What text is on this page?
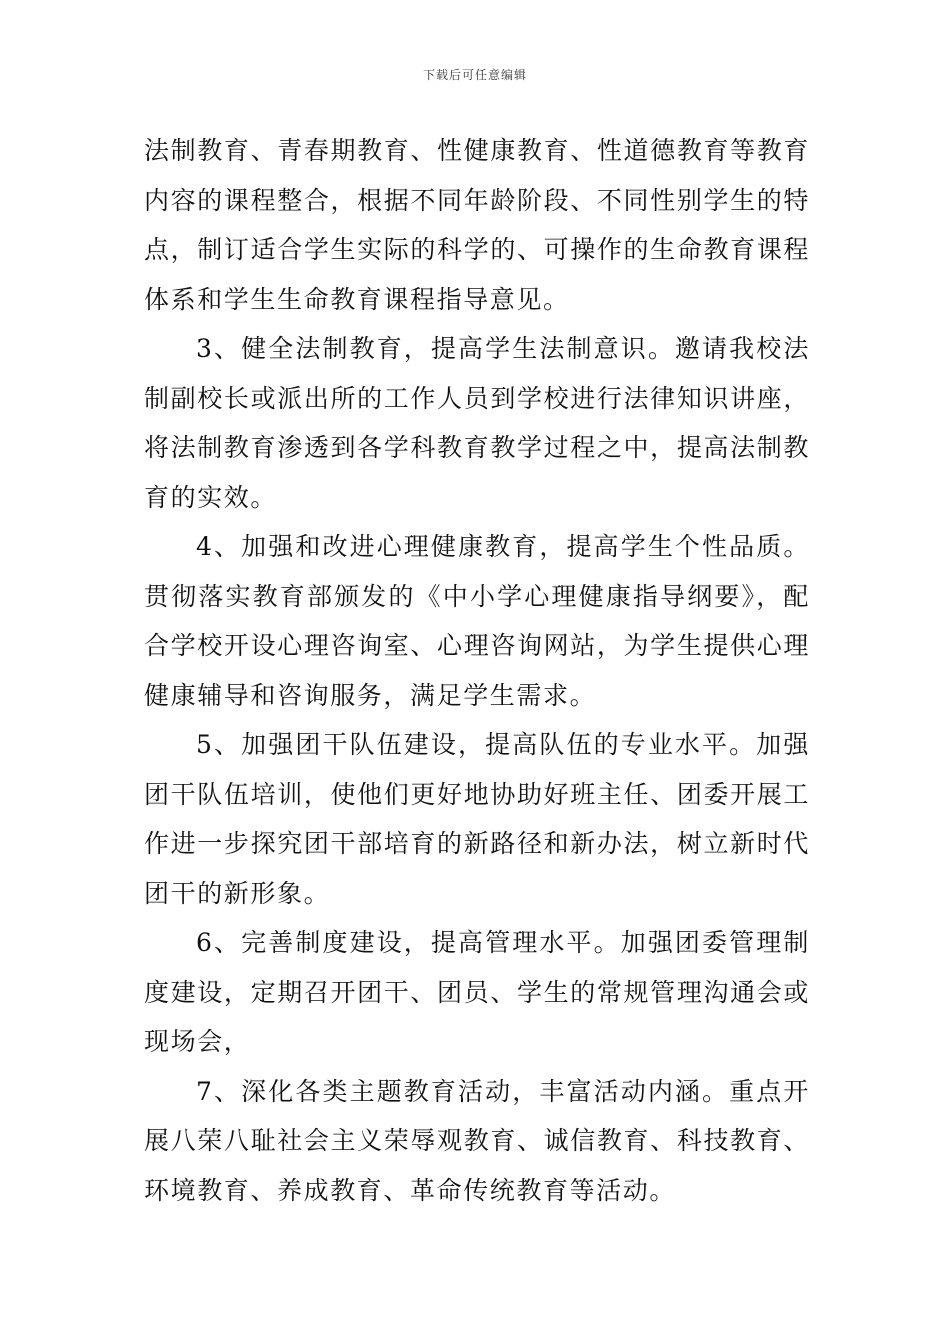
下载后可任意编辑

法制教育、青春期教育、性健康教育、性道德教育等教育内容的课程整合，根据不同年龄阶段、不同性别学生的特点，制订适合学生实际的科学的、可操作的生命教育课程体系和学生生命教育课程指导意见。

3、健全法制教育，提高学生法制意识。邀请我校法制副校长或派出所的工作人员到学校进行法律知识讲座，将法制教育渗透到各学科教育教学过程之中，提高法制教育的实效。

4、加强和改进心理健康教育，提高学生个性品质。贯彻落实教育部颁发的《中小学心理健康指导纲要》，配合学校开设心理咨询室、心理咨询网站，为学生提供心理健康辅导和咨询服务，满足学生需求。

5、加强团干队伍建设，提高队伍的专业水平。加强团干队伍培训，使他们更好地协助好班主任、团委开展工作进一步探究团干部培育的新路径和新办法，树立新时代团干的新形象。

6、完善制度建设，提高管理水平。加强团委管理制度建设，定期召开团干、团员、学生的常规管理沟通会或现场会，

7、深化各类主题教育活动，丰富活动内涵。重点开展八荣八耻社会主义荣辱观教育、诚信教育、科技教育、环境教育、养成教育、革命传统教育等活动。
